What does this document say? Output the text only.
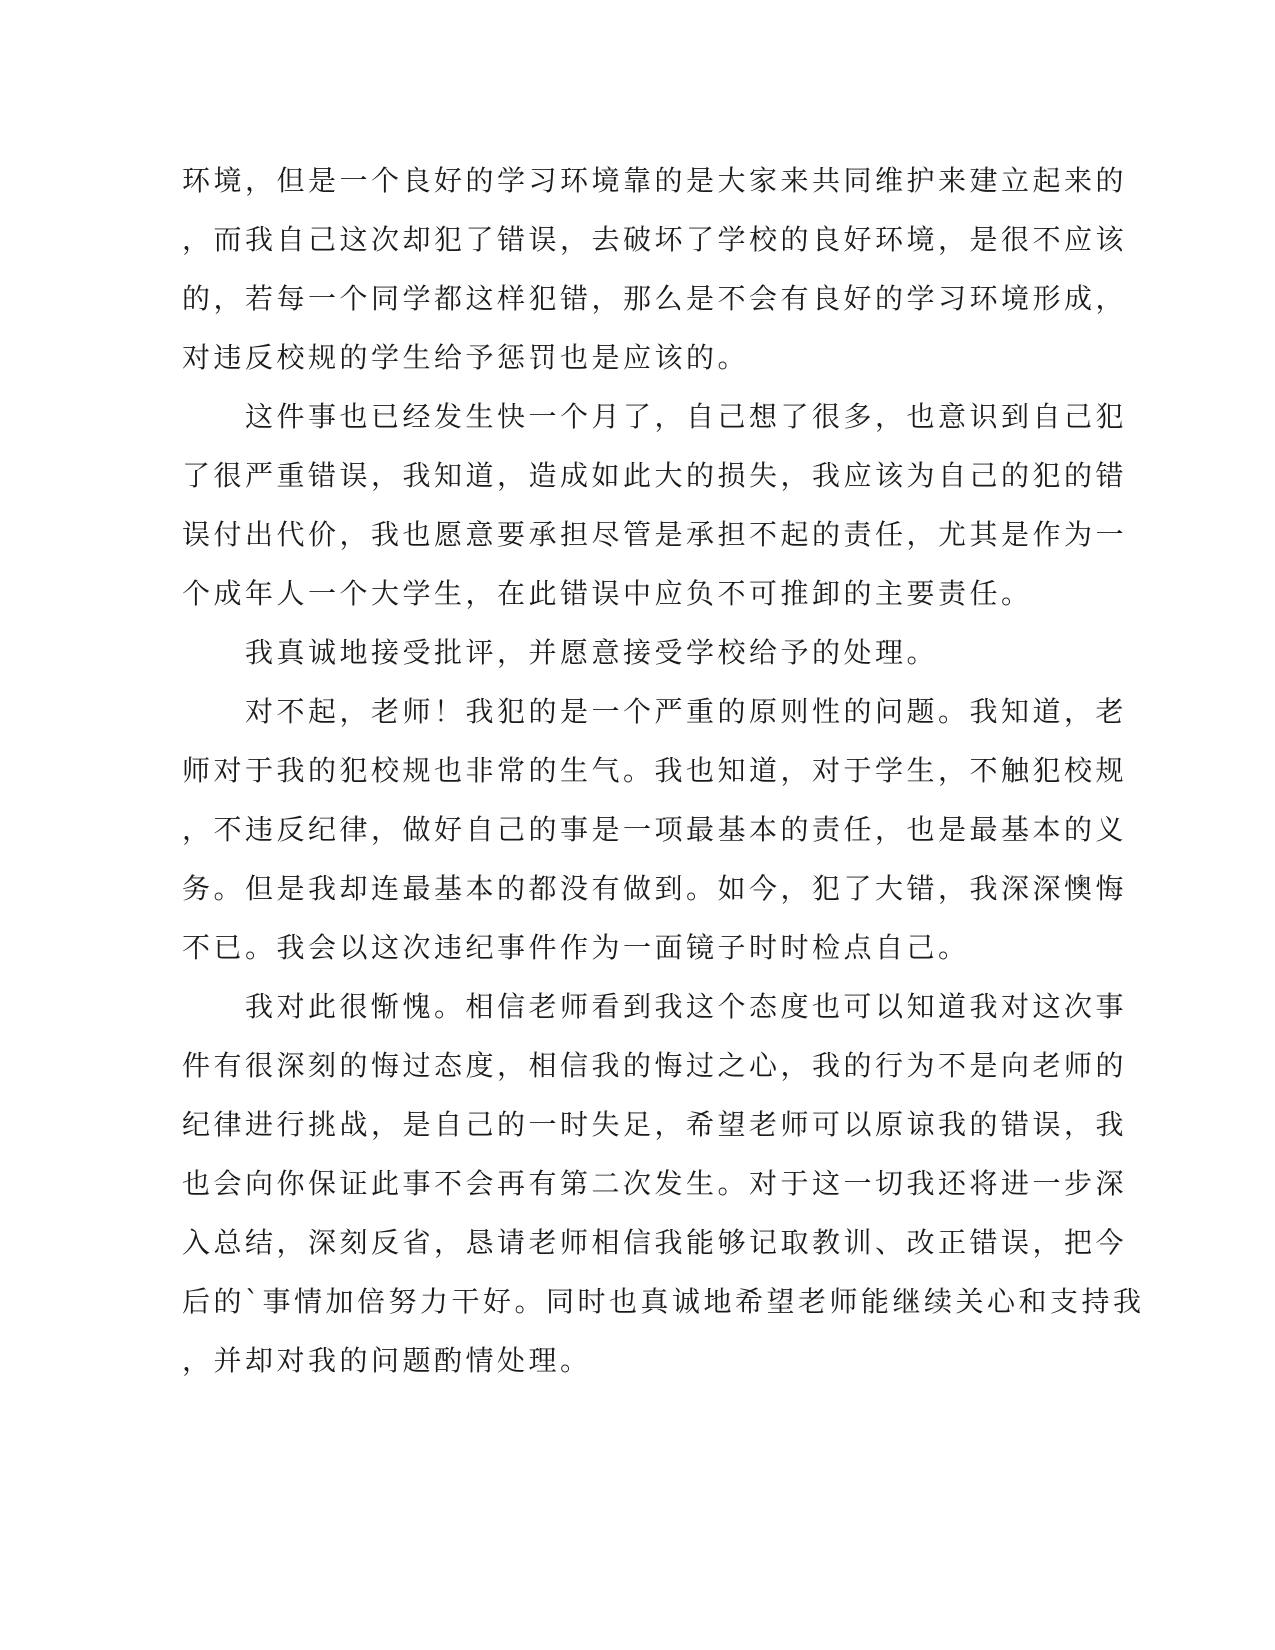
环境，但是一个良好的学习环境靠的是大家来共同维护来建立起来的
，而我自己这次却犯了错误，去破坏了学校的良好环境，是很不应该
的，若每一个同学都这样犯错，那么是不会有良好的学习环境形成，
对违反校规的学生给予惩罚也是应该的。
　　这件事也已经发生快一个月了，自己想了很多，也意识到自己犯
了很严重错误，我知道，造成如此大的损失，我应该为自己的犯的错
误付出代价，我也愿意要承担尽管是承担不起的责任，尤其是作为一
个成年人一个大学生，在此错误中应负不可推卸的主要责任。
　　我真诚地接受批评，并愿意接受学校给予的处理。
　　对不起，老师！我犯的是一个严重的原则性的问题。我知道，老
师对于我的犯校规也非常的生气。我也知道，对于学生，不触犯校规
，不违反纪律，做好自己的事是一项最基本的责任，也是最基本的义
务。但是我却连最基本的都没有做到。如今，犯了大错，我深深懊悔
不已。我会以这次违纪事件作为一面镜子时时检点自己。
　　我对此很惭愧。相信老师看到我这个态度也可以知道我对这次事
件有很深刻的悔过态度，相信我的悔过之心，我的行为不是向老师的
纪律进行挑战，是自己的一时失足，希望老师可以原谅我的错误，我
也会向你保证此事不会再有第二次发生。对于这一切我还将进一步深
入总结，深刻反省，恳请老师相信我能够记取教训、改正错误，把今
后的`事情加倍努力干好。同时也真诚地希望老师能继续关心和支持我
，并却对我的问题酌情处理。
